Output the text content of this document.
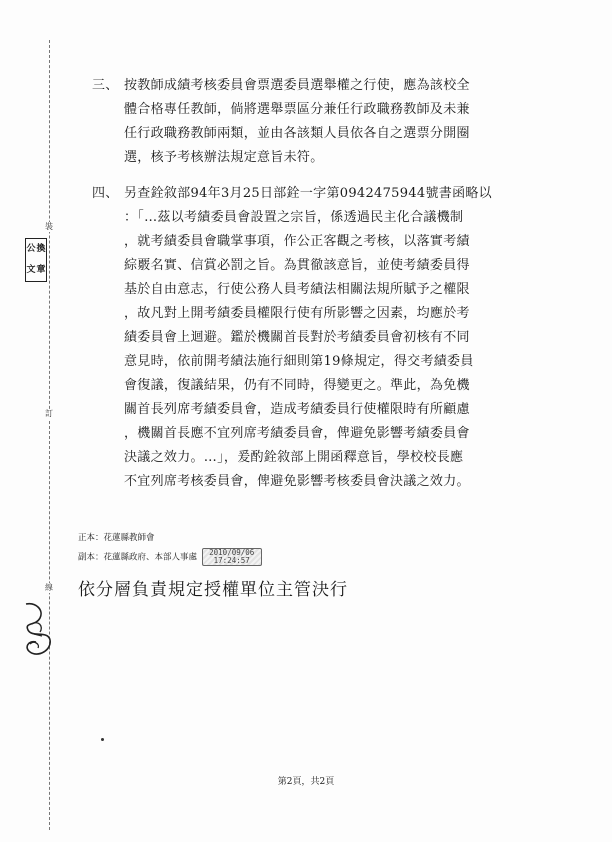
裝
訂
線
公 換
文 章
三、 按教師成績考核委員會票選委員選舉權之行使，應為該校全
體合格專任教師，倘將選舉票區分兼任行政職務教師及未兼
任行政職務教師兩類，並由各該類人員依各自之選票分開圈
選，核予考核辦法規定意旨未符。
四、 另查銓敘部94年3月25日部銓一字第0942475944號書函略以
：「…茲以考績委員會設置之宗旨，係透過民主化合議機制
，就考績委員會職掌事項，作公正客觀之考核，以落實考績
綜覈名實、信賞必罰之旨。為貫徹該意旨，並使考績委員得
基於自由意志，行使公務人員考績法相關法規所賦予之權限
，故凡對上開考績委員權限行使有所影響之因素，均應於考
績委員會上迴避。鑑於機關首長對於考績委員會初核有不同
意見時，依前開考績法施行細則第19條規定，得交考績委員
會復議，復議結果，仍有不同時，得變更之。準此，為免機
關首長列席考績委員會，造成考績委員行使權限時有所顧慮
，機關首長應不宜列席考績委員會，俾避免影響考績委員會
決議之效力。…」，爰酌銓敘部上開函釋意旨，學校校長應
不宜列席考核委員會，俾避免影響考核委員會決議之效力。
正本：花蓮縣教師會
副本：花蓮縣政府、本部人事處 2010/09/06
17:24:57
依分層負責規定授權單位主管決行
第2頁，共2頁
